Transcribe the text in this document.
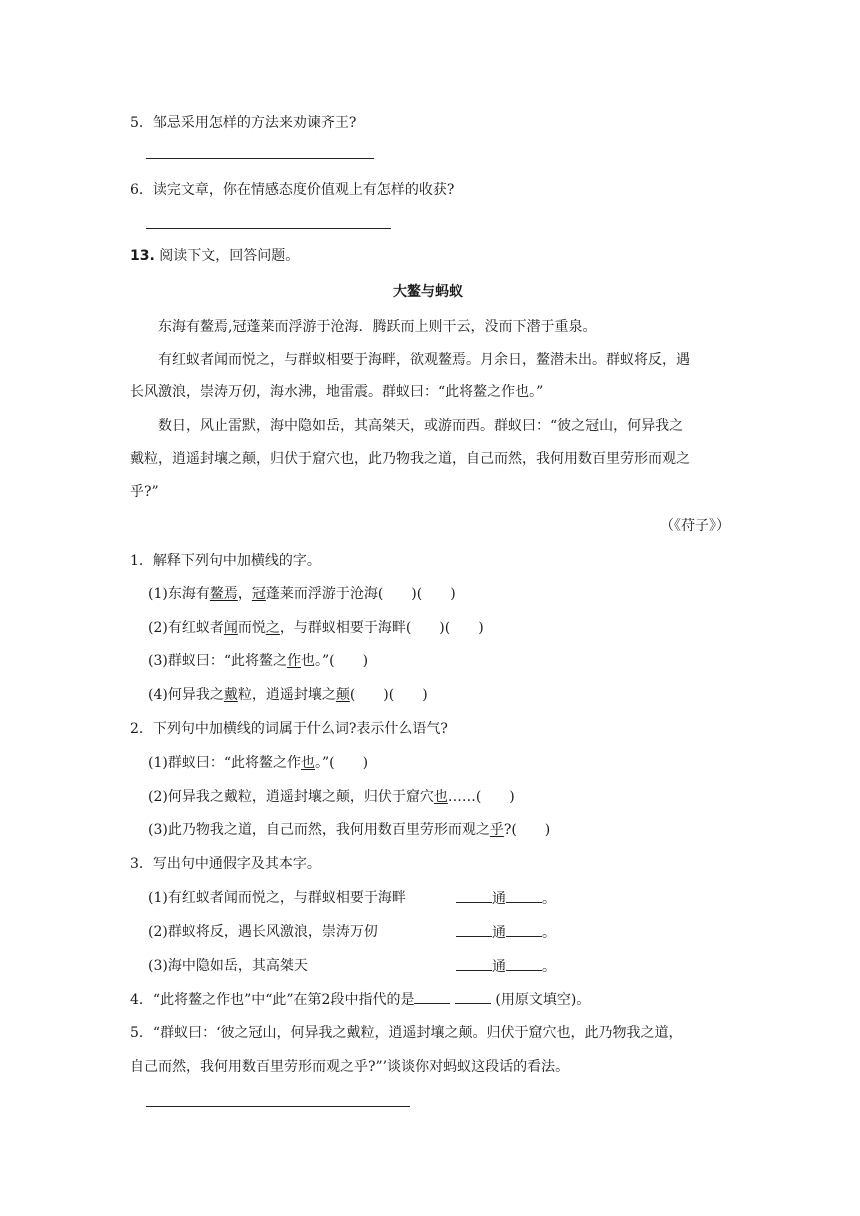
5．邹忌采用怎样的方法来劝谏齐王?
6．读完文章，你在情感态度价值观上有怎样的收获?
13. 阅读下文，回答问题。
大鳌与蚂蚁
东海有鳌焉,冠蓬莱而浮游于沧海．腾跃而上则干云，没而下潜于重泉。
有红蚁者闻而悦之，与群蚁相要于海畔，欲观鳌焉。月余日，鳌潜未出。群蚁将反，遇
长风激浪，崇涛万仞，海水沸，地雷震。群蚁曰：“此将鳌之作也。”
数日，风止雷默，海中隐如岳，其高桀天，或游而西。群蚁曰：“彼之冠山，何异我之
戴粒，逍遥封壤之颠，归伏于窟穴也，此乃物我之道，自己而然，我何用数百里劳形而观之
乎?”
（《苻子》）
1．解释下列句中加横线的字。
(1)东海有鳌焉，冠蓬莱而浮游于沧海(　　)(　　)
(2)有红蚁者闻而悦之，与群蚁相要于海畔(　　)(　　)
(3)群蚁曰：“此将鳌之作也。”(　　)
(4)何异我之戴粒，逍遥封壤之颠(　　)(　　)
2．下列句中加横线的词属于什么词?表示什么语气?
(1)群蚁曰：“此将鳌之作也。”(　　)
(2)何异我之戴粒，逍遥封壤之颠，归伏于窟穴也……(　　)
(3)此乃物我之道，自己而然，我何用数百里劳形而观之乎?(　　)
3．写出句中通假字及其本字。
(1)有红蚁者闻而悦之，与群蚁相要于海畔	通	。
(2)群蚁将反，遇长风激浪，崇涛万仞	通	。
(3)海中隐如岳，其高桀天	通	。
4．“此将鳌之作也”中“此”在第2段中指代的是	(用原文填空)。
5．“群蚁曰：‘彼之冠山，何异我之戴粒，逍遥封壤之颠。归伏于窟穴也，此乃物我之道，
自己而然，我何用数百里劳形而观之乎?”’谈谈你对蚂蚁这段话的看法。
